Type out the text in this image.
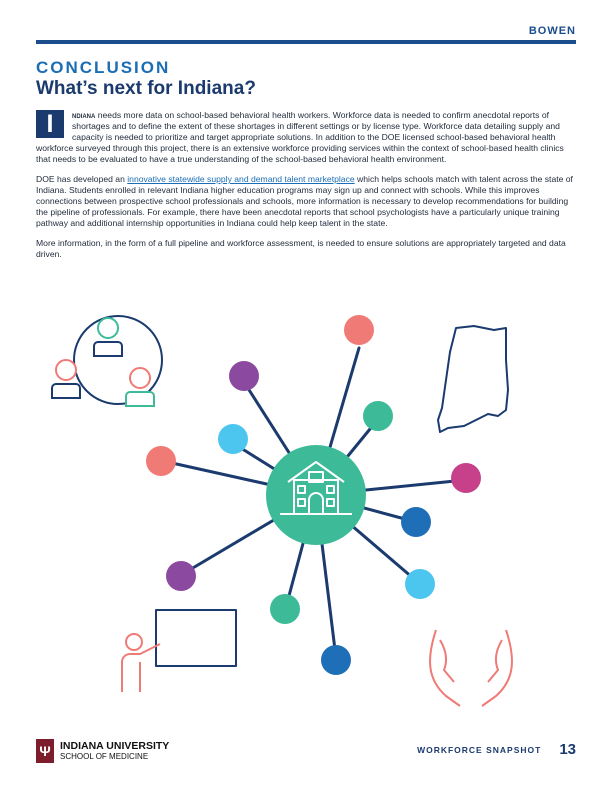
BOWEN
CONCLUSION
What’s next for Indiana?

I	ndiana needs more data on school-based behavioral health workers. Workforce data is needed to confirm anecdotal reports of shortages and to define the extent of these shortages in different settings or by license type. Workforce data detailing supply and capacity is needed to prioritize and target appropriate solutions. In addition to the DOE licensed school-based behavioral health workforce surveyed through this project, there is an extensive workforce providing services within the context of school-based health clinics that needs to be evaluated to have a true understanding of the school-based behavioral health environment.

DOE has developed an innovative statewide supply and demand talent marketplace which helps schools match with talent across the state of Indiana. Students enrolled in relevant Indiana higher education programs may sign up and connect with schools. While this improves connections between prospective school professionals and schools, more information is necessary to develop recommendations for building the pipeline of professionals. For example, there have been anecdotal reports that school psychologists have a particularly unique training pathway and additional internship opportunities in Indiana could help keep talent in the state.

More information, in the form of a full pipeline and workforce assessment, is needed to ensure solutions are appropriately targeted and data driven.

Ψ INDIANA UNIVERSITY
SCHOOL OF MEDICINE
WORKFORCE SNAPSHOT 13
